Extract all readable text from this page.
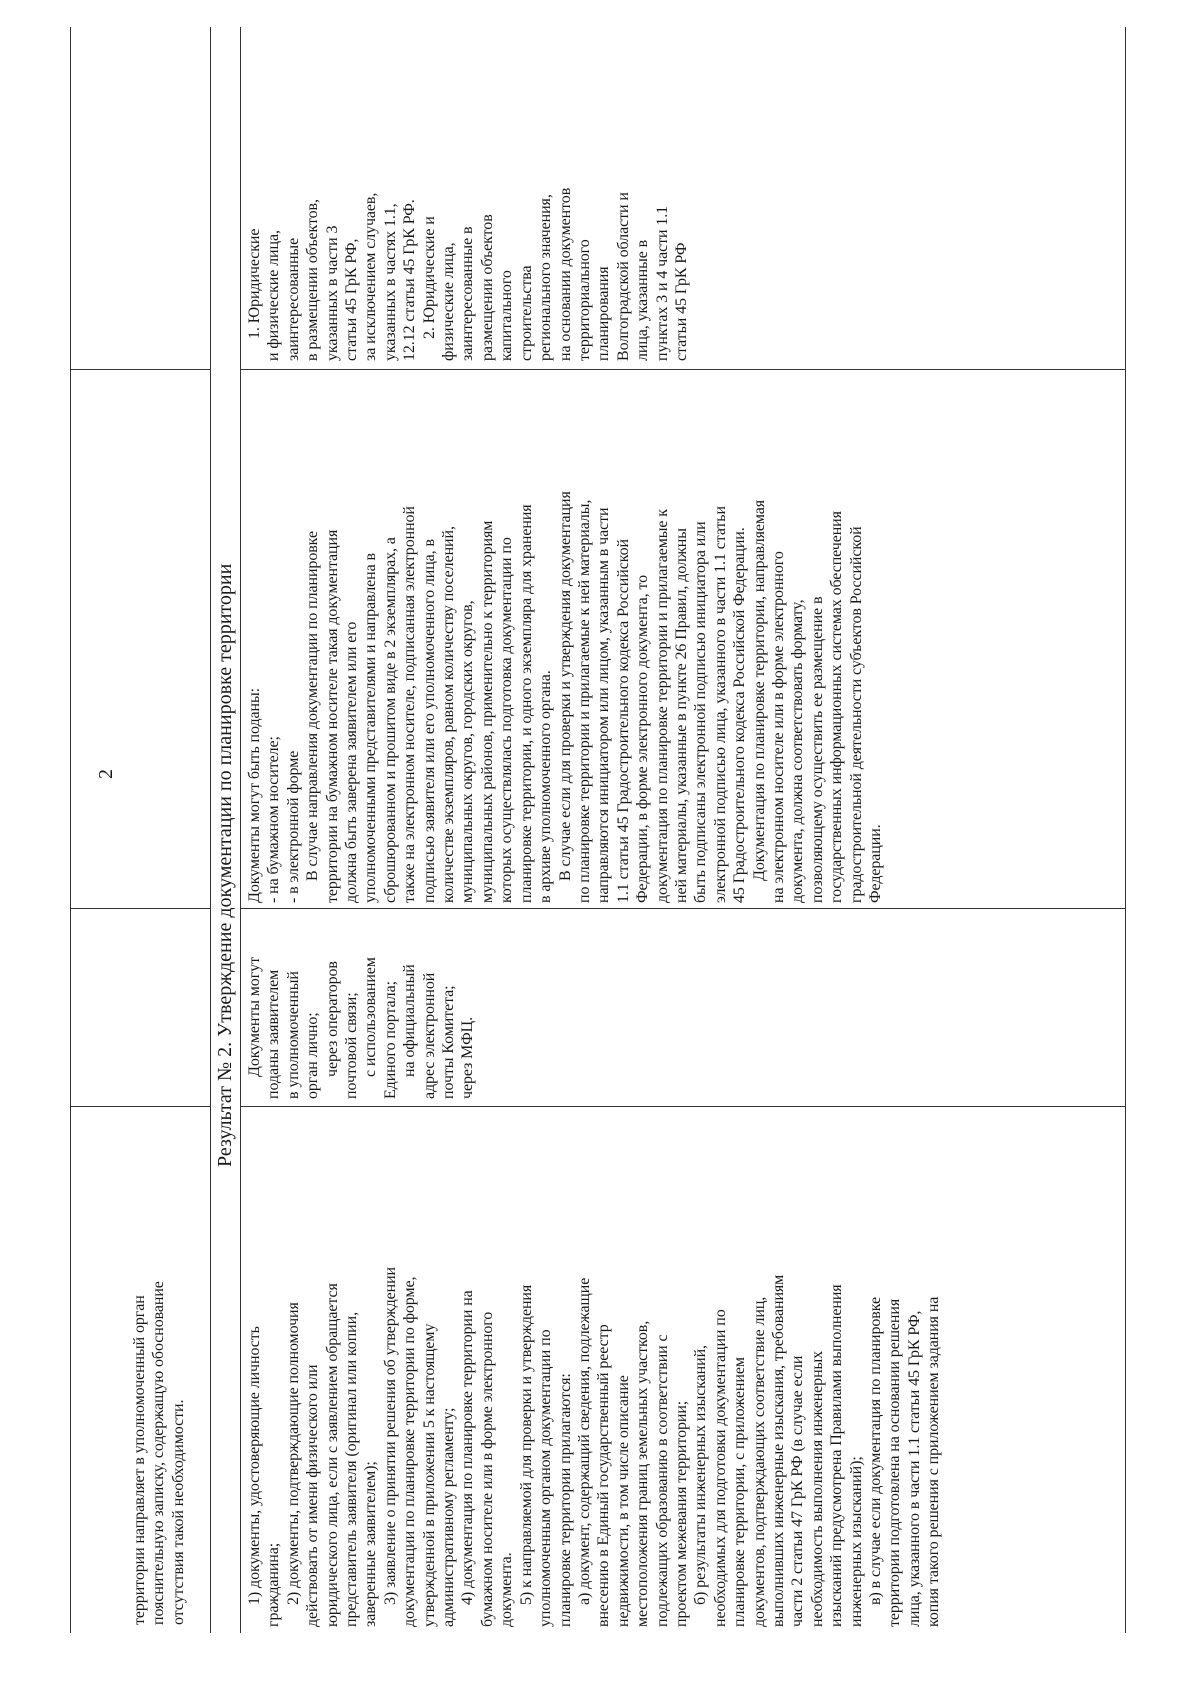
2
территории направляет в уполномоченный орган пояснительную записку, содержащую обоснование отсутствия такой необходимости.
Результат № 2. Утверждение документации по планировке территории
1) документы, удостоверяющие личность гражданина; 2) документы, подтверждающие полномочия действовать от имени физического или юридического лица, если с заявлением обращается представитель заявителя (оригинал или копии, заверенные заявителем); 3) заявление о принятии решения об утверждении документации по планировке территории по форме, утвержденной в приложении 5 к настоящему административному регламенту; 4) документация по планировке территории на бумажном носителе или в форме электронного документа. 5) к направляемой для проверки и утверждения уполномоченным органом документации по планировке территории прилагаются: а) документ, содержащий сведения, подлежащие внесению в Единый государственный реестр недвижимости, в том числе описание местоположения границ земельных участков, подлежащих образованию в соответствии с проектом межевания территории; б) результаты инженерных изысканий, необходимых для подготовки документации по планировке территории, с приложением документов, подтверждающих соответствие лиц, выполнивших инженерные изыскания, требованиям части 2 статьи 47 ГрК РФ (в случае если необходимость выполнения инженерных изысканий предусмотрена Правилами выполнения инженерных изысканий); в) в случае если документация по планировке территории подготовлена на основании решения лица, указанного в части 1.1 статьи 45 ГрК РФ, копия такого решения с приложением задания на
Документы могут поданы заявителем в уполномоченный орган лично; через операторов почтовой связи; с использованием Единого портала; на официальный адрес электронной почты Комитета; через МФЦ.
Документы могут быть поданы: - на бумажном носителе; - в электронной форме В случае направления документации по планировке территории на бумажном носителе такая документация должна быть заверена заявителем или его уполномоченными представителями и направлена в сброшюрованном и прошитом виде в 2 экземплярах, а также на электронном носителе, подписанная электронной подписью заявителя или его уполномоченного лица, в количестве экземпляров, равном количеству поселений, муниципальных округов, городских округов, муниципальных районов, применительно к территориям которых осуществлялась подготовка документации по планировке территории, и одного экземпляра для хранения в архиве уполномоченного органа. В случае если для проверки и утверждения документация по планировке территории и прилагаемые к ней материалы, направляются инициатором или лицом, указанным в части 1.1 статьи 45 Градостроительного кодекса Российской Федерации, в форме электронного документа, то документация по планировке территории и прилагаемые к ней материалы, указанные в пункте 26 Правил, должны быть подписаны электронной подписью инициатора или электронной подписью лица, указанного в части 1.1 статьи 45 Градостроительного кодекса Российской Федерации. Документация по планировке территории, направляемая на электронном носителе или в форме электронного документа, должна соответствовать формату, позволяющему осуществить ее размещение в государственных информационных системах обеспечения градостроительной деятельности субъектов Российской Федерации.
1. Юридические и физические лица, заинтересованные в размещении объектов, указанных в части 3 статьи 45 ГрК РФ, за исключением случаев, указанных в частях 1.1, 12.12 статьи 45 ГрК РФ. 2. Юридические и физические лица, заинтересованные в размещении объектов капитального строительства регионального значения, на основании документов территориального планирования Волгоградской области и лица, указанные в пунктах 3 и 4 части 1.1 статьи 45 ГрК РФ
